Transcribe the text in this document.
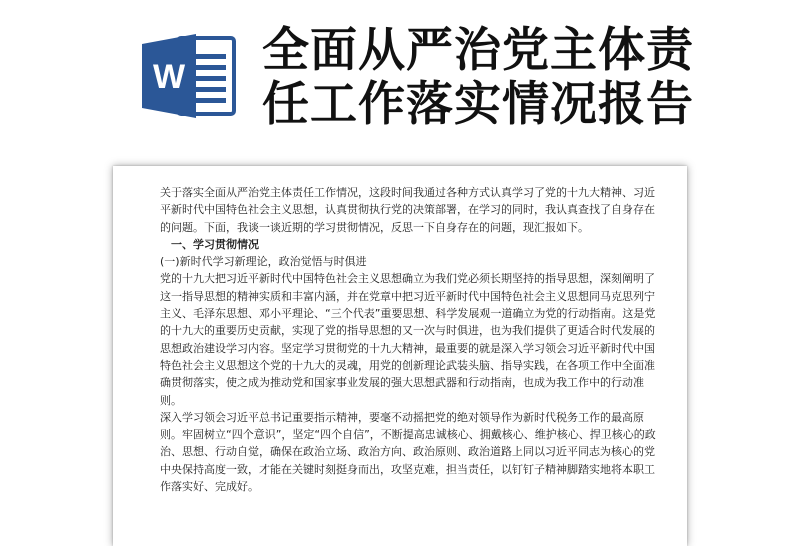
W 全面从严治党主体责
任工作落实情况报告

关于落实全面从严治党主体责任工作情况，这段时间我通过各种方式认真学习了党的十九大精神、习近平新时代中国特色社会主义思想，认真贯彻执行党的决策部署，在学习的同时，我认真查找了自身存在的问题。下面，我谈一谈近期的学习贯彻情况，反思一下自身存在的问题，现汇报如下。

　一、学习贯彻情况

(一)新时代学习新理论，政治觉悟与时俱进

党的十九大把习近平新时代中国特色社会主义思想确立为我们党必须长期坚持的指导思想，深刻阐明了这一指导思想的精神实质和丰富内涵，并在党章中把习近平新时代中国特色社会主义思想同马克思列宁主义、毛泽东思想、邓小平理论、“三个代表”重要思想、科学发展观一道确立为党的行动指南。这是党的十九大的重要历史贡献，实现了党的指导思想的又一次与时俱进，也为我们提供了更适合时代发展的思想政治建设学习内容。坚定学习贯彻党的十九大精神，最重要的就是深入学习领会习近平新时代中国特色社会主义思想这个党的十九大的灵魂，用党的创新理论武装头脑、指导实践，在各项工作中全面准确贯彻落实，使之成为推动党和国家事业发展的强大思想武器和行动指南，也成为我工作中的行动准则。

深入学习领会习近平总书记重要指示精神，要毫不动摇把党的绝对领导作为新时代税务工作的最高原则。牢固树立“四个意识”，坚定“四个自信”，不断提高忠诚核心、拥戴核心、维护核心、捍卫核心的政治、思想、行动自觉，确保在政治立场、政治方向、政治原则、政治道路上同以习近平同志为核心的党中央保持高度一致，才能在关键时刻挺身而出，攻坚克难，担当责任，以钉钉子精神脚踏实地将本职工作落实好、完成好。
